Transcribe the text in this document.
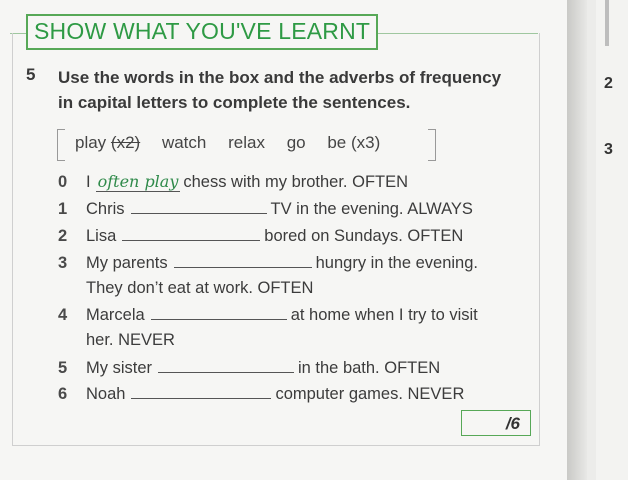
SHOW WHAT YOU'VE LEARNT
5 Use the words in the box and the adverbs of frequency
in capital letters to complete the sentences.
play (x2) watch relax go be (x3)
0 I often play chess with my brother. OFTEN
1 Chris	TV in the evening. ALWAYS
2 Lisa	bored on Sundays. OFTEN
3 My parents	hungry in the evening.
They don’t eat at work. OFTEN
4 Marcela	at home when I try to visit
her. NEVER
5 My sister	in the bath. OFTEN
6 Noah	computer games. NEVER
/6
2
3
